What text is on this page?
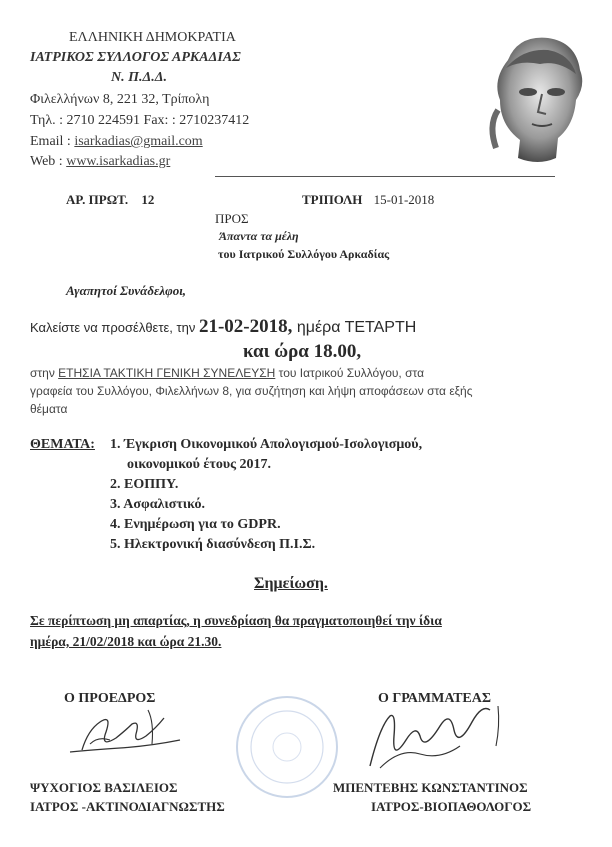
ΕΛΛΗΝΙΚΗ ΔΗΜΟΚΡΑΤΙΑ
ΙΑΤΡΙΚΟΣ ΣΥΛΛΟΓΟΣ ΑΡΚΑΔΙΑΣ
Ν. Π.Δ.Δ.
Φιλελλήνων 8, 221 32, Τρίπολη
Τηλ. : 2710 224591 Fax: : 2710237412
Email : isarkadias@gmail.com
Web : www.isarkadias.gr
ΑΡ. ΠΡΩΤ. 12	ΤΡΙΠΟΛΗ 15-01-2018
ΠΡΟΣ
Άπαντα τα μέλη
του Ιατρικού Συλλόγου Αρκαδίας
Αγαπητοί Συνάδελφοι,
Καλείστε να προσέλθετε, την 21-02-2018, ημέρα ΤΕΤΑΡΤΗ
και ώρα 18.00,
στην ΕΤΗΣΙΑ ΤΑΚΤΙΚΗ ΓΕΝΙΚΗ ΣΥΝΕΛΕΥΣΗ του Ιατρικού Συλλόγου, στα
γραφεία του Συλλόγου, Φιλελλήνων 8, για συζήτηση και λήψη αποφάσεων στα εξής
θέματα
ΘΕΜΑΤΑ: 1. Έγκριση Οικονομικού Απολογισμού-Ισολογισμού,
οικονομικού έτους 2017.
2. ΕΟΠΠΥ.
3. Ασφαλιστικό.
4. Ενημέρωση για το GDPR.
5. Ηλεκτρονική διασύνδεση Π.Ι.Σ.
Σημείωση.
Σε περίπτωση μη απαρτίας, η συνεδρίαση θα πραγματοποιηθεί την ίδια
ημέρα, 21/02/2018 και ώρα 21.30.
Ο ΠΡΟΕΔΡΟΣ	Ο ΓΡΑΜΜΑΤΕΑΣ
ΨΥΧΟΓΙΟΣ ΒΑΣΙΛΕΙΟΣ
ΙΑΤΡΟΣ -ΑΚΤΙΝΟΔΙΑΓΝΩΣΤΗΣ
ΜΠΕΝΤΕΒΗΣ ΚΩΝΣΤΑΝΤΙΝΟΣ
ΙΑΤΡΟΣ-ΒΙΟΠΑΘΟΛΟΓΟΣ
